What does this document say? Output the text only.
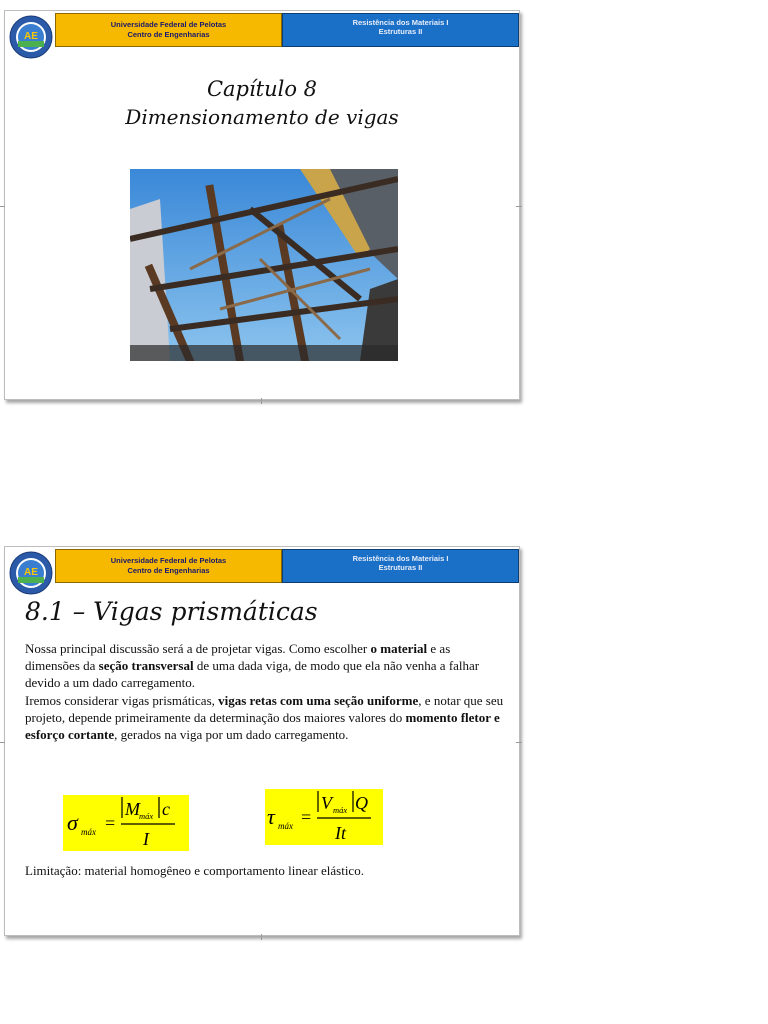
AE
Universidade Federal de Pelotas
Centro de Engenharias
Resistência dos Materiais I
Estruturas II
Capítulo 8
Dimensionamento de vigas
AE
Universidade Federal de Pelotas
Centro de Engenharias
Resistência dos Materiais I
Estruturas II
8.1 – Vigas prismáticas
Nossa principal discussão será a de projetar vigas. Como escolher o material e as dimensões da seção transversal de uma dada viga, de modo que ela não venha a falhar devido a um dado carregamento.
Iremos considerar vigas prismáticas, vigas retas com uma seção uniforme, e notar que seu projeto, depende primeiramente da determinação dos maiores valores do momento fletor e esforço cortante, gerados na viga por um dado carregamento.
σ máx =
M máx c
I
τ máx =
V máx Q
It
Limitação: material homogêneo e comportamento linear elástico.
